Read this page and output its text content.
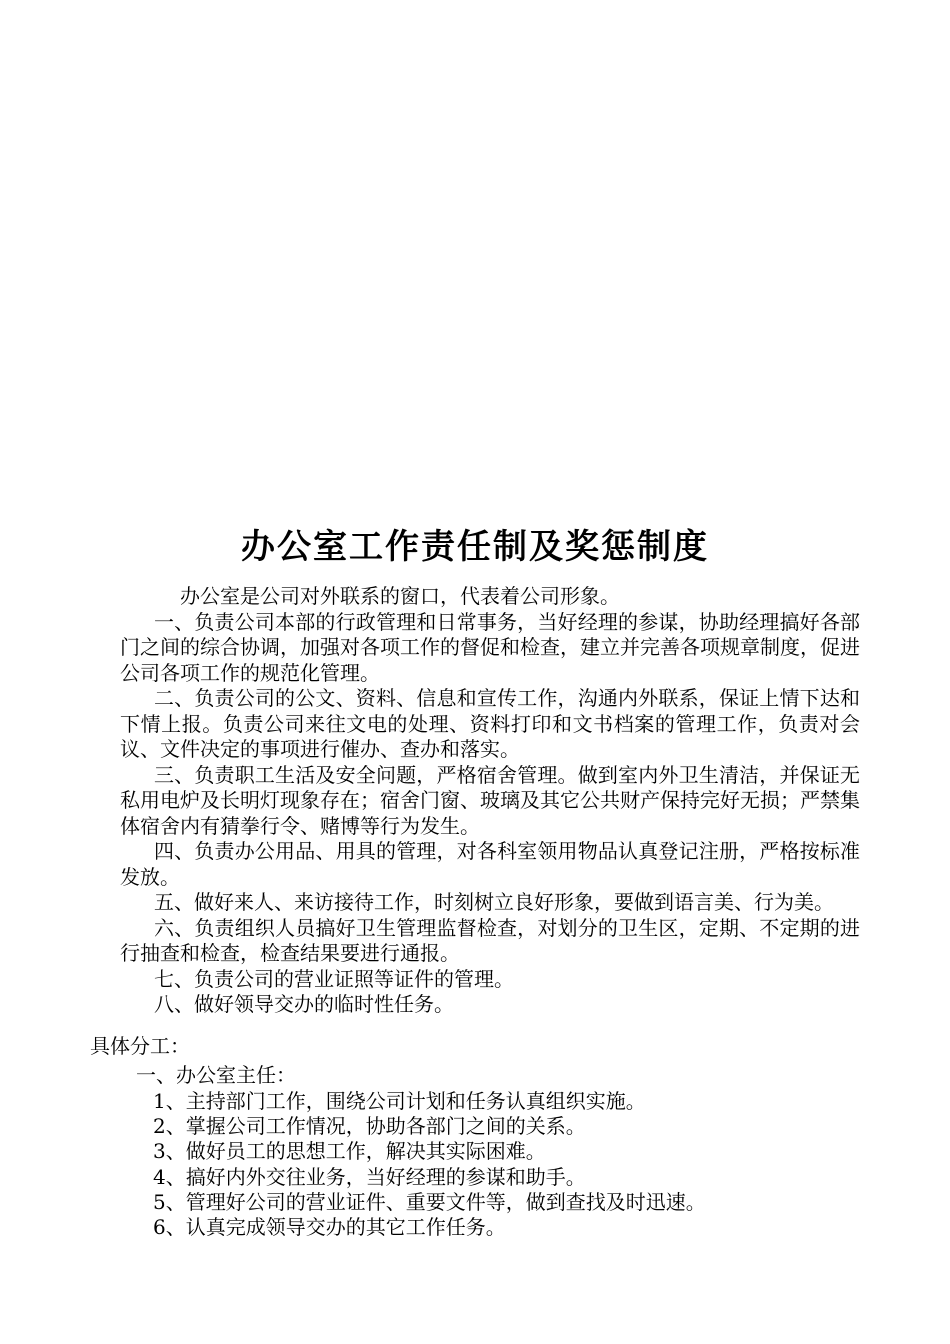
办公室工作责任制及奖惩制度

办公室是公司对外联系的窗口，代表着公司形象。

一、负责公司本部的行政管理和日常事务，当好经理的参谋，协助经理搞好各部门之间的综合协调，加强对各项工作的督促和检查，建立并完善各项规章制度，促进公司各项工作的规范化管理。

二、负责公司的公文、资料、信息和宣传工作，沟通内外联系，保证上情下达和下情上报。负责公司来往文电的处理、资料打印和文书档案的管理工作，负责对会议、文件决定的事项进行催办、查办和落实。

三、负责职工生活及安全问题，严格宿舍管理。做到室内外卫生清洁，并保证无私用电炉及长明灯现象存在；宿舍门窗、玻璃及其它公共财产保持完好无损；严禁集体宿舍内有猜拳行令、赌博等行为发生。

四、负责办公用品、用具的管理，对各科室领用物品认真登记注册，严格按标准发放。

五、做好来人、来访接待工作，时刻树立良好形象，要做到语言美、行为美。

六、负责组织人员搞好卫生管理监督检查，对划分的卫生区，定期、不定期的进行抽查和检查，检查结果要进行通报。

七、负责公司的营业证照等证件的管理。

八、做好领导交办的临时性任务。

具体分工：
一、办公室主任：
1、主持部门工作，围绕公司计划和任务认真组织实施。
2、掌握公司工作情况，协助各部门之间的关系。
3、做好员工的思想工作，解决其实际困难。
4、搞好内外交往业务，当好经理的参谋和助手。
5、管理好公司的营业证件、重要文件等，做到查找及时迅速。
6、认真完成领导交办的其它工作任务。
